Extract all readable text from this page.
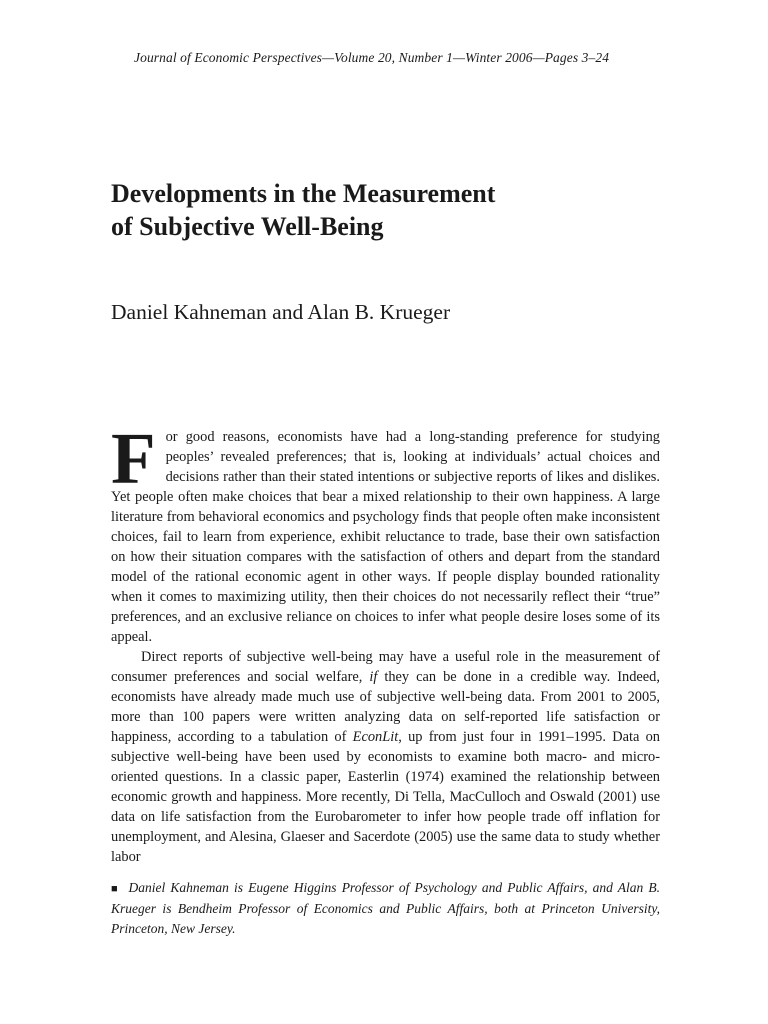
Journal of Economic Perspectives—Volume 20, Number 1—Winter 2006—Pages 3–24
Developments in the Measurement
of Subjective Well-Being
Daniel Kahneman and Alan B. Krueger

For good reasons, economists have had a long-standing preference for studying peoples’ revealed preferences; that is, looking at individuals’ actual choices and decisions rather than their stated intentions or subjective reports of likes and dislikes. Yet people often make choices that bear a mixed relationship to their own happiness. A large literature from behavioral economics and psychology finds that people often make inconsistent choices, fail to learn from experience, exhibit reluctance to trade, base their own satisfaction on how their situation compares with the satisfaction of others and depart from the standard model of the rational economic agent in other ways. If people display bounded rationality when it comes to maximizing utility, then their choices do not necessarily reflect their “true” preferences, and an exclusive reliance on choices to infer what people desire loses some of its appeal.

Direct reports of subjective well-being may have a useful role in the measurement of consumer preferences and social welfare, if they can be done in a credible way. Indeed, economists have already made much use of subjective well-being data. From 2001 to 2005, more than 100 papers were written analyzing data on self-reported life satisfaction or happiness, according to a tabulation of EconLit, up from just four in 1991–1995. Data on subjective well-being have been used by economists to examine both macro- and micro-oriented questions. In a classic paper, Easterlin (1974) examined the relationship between economic growth and happiness. More recently, Di Tella, MacCulloch and Oswald (2001) use data on life satisfaction from the Eurobarometer to infer how people trade off inflation for unemployment, and Alesina, Glaeser and Sacerdote (2005) use the same data to study whether labor

■ Daniel Kahneman is Eugene Higgins Professor of Psychology and Public Affairs, and Alan B. Krueger is Bendheim Professor of Economics and Public Affairs, both at Princeton University, Princeton, New Jersey.
